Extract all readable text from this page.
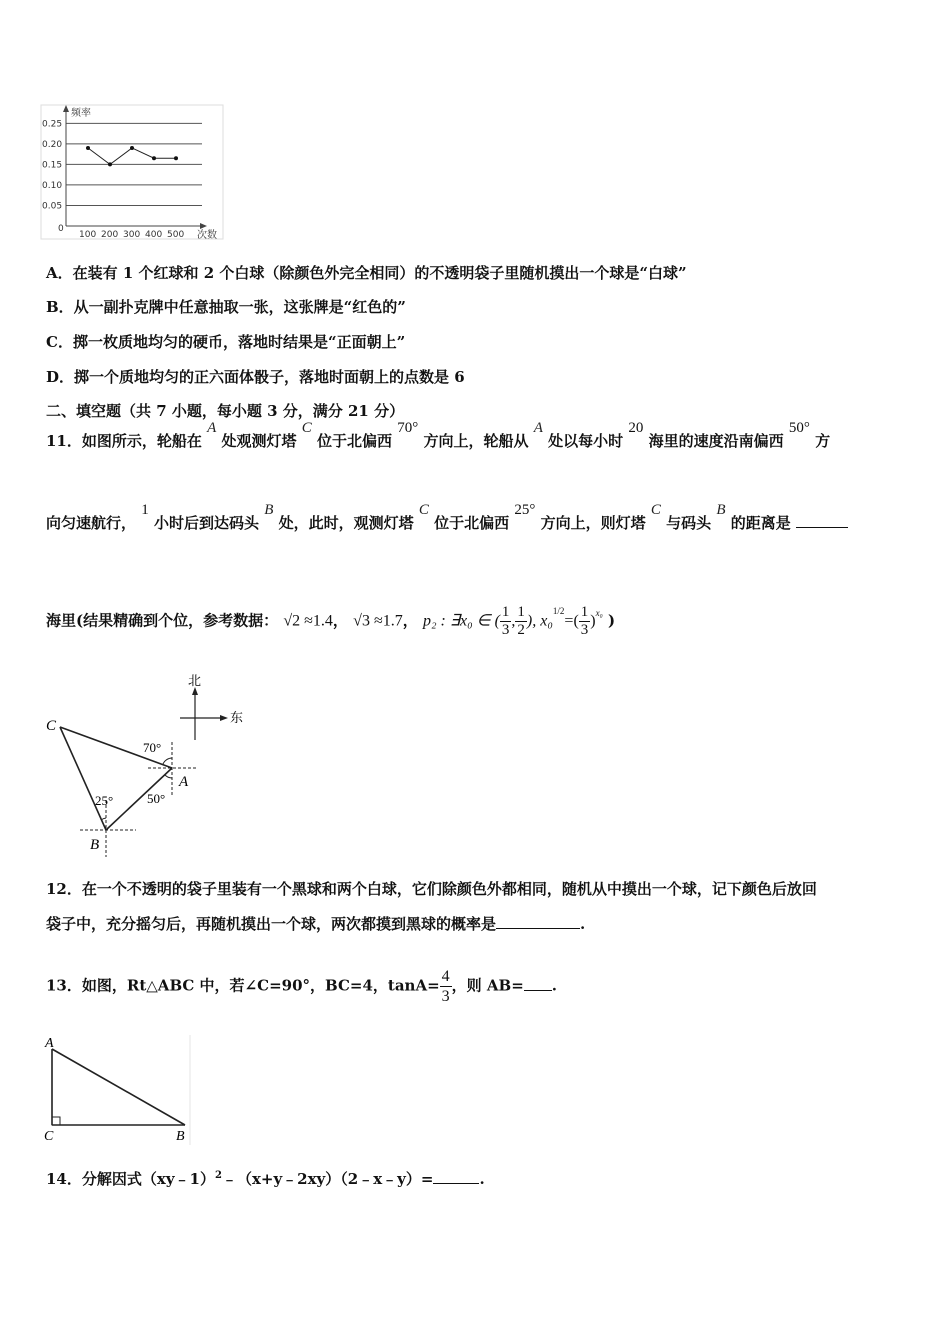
0.25
0.20
0.15
0.10
0.05
100 200 300 400 500
频率
次数
0
A．在装有 1 个红球和 2 个白球（除颜色外完全相同）的不透明袋子里随机摸出一个球是“白球”
B．从一副扑克牌中任意抽取一张，这张牌是“红色的”
C．掷一枚质地均匀的硬币，落地时结果是“正面朝上”
D．掷一个质地均匀的正六面体骰子，落地时面朝上的点数是 6
二、填空题（共 7 小题，每小题 3 分，满分 21 分）
11．如图所示，轮船在 A 处观测灯塔 C 位于北偏西 70° 方向上，轮船从 A 处以每小时 20 海里的速度沿南偏西 50° 方
向匀速航行， 1 小时后到达码头 B 处，此时，观测灯塔 C 位于北偏西 25° 方向上，则灯塔 C 与码头 B 的距离是
海里(结果精确到个位，参考数据： √2 ≈1.4， √3 ≈1.7， p₂ : ∃x₀ ∈ ( $\frac{1}{3}$ , $\frac{1}{2}$ ), $x_0^{1/2}=( \frac{1}{3} )^{x_0}$ )
北
东
C
A
B
70°
50°
25°
12．在一个不透明的袋子里装有一个黑球和两个白球，它们除颜色外都相同，随机从中摸出一个球，记下颜色后放回
袋子中，充分摇匀后，再随机摸出一个球，两次都摸到黑球的概率是	.
13．如图，Rt△ABC 中，若∠C=90°，BC=4，$\tan A= \frac{4}{3}$ ，则 AB= .
A
C	B
14．分解因式（xy﹣1）$^2$﹣（x+y﹣2xy）（2﹣x﹣y）=	.
